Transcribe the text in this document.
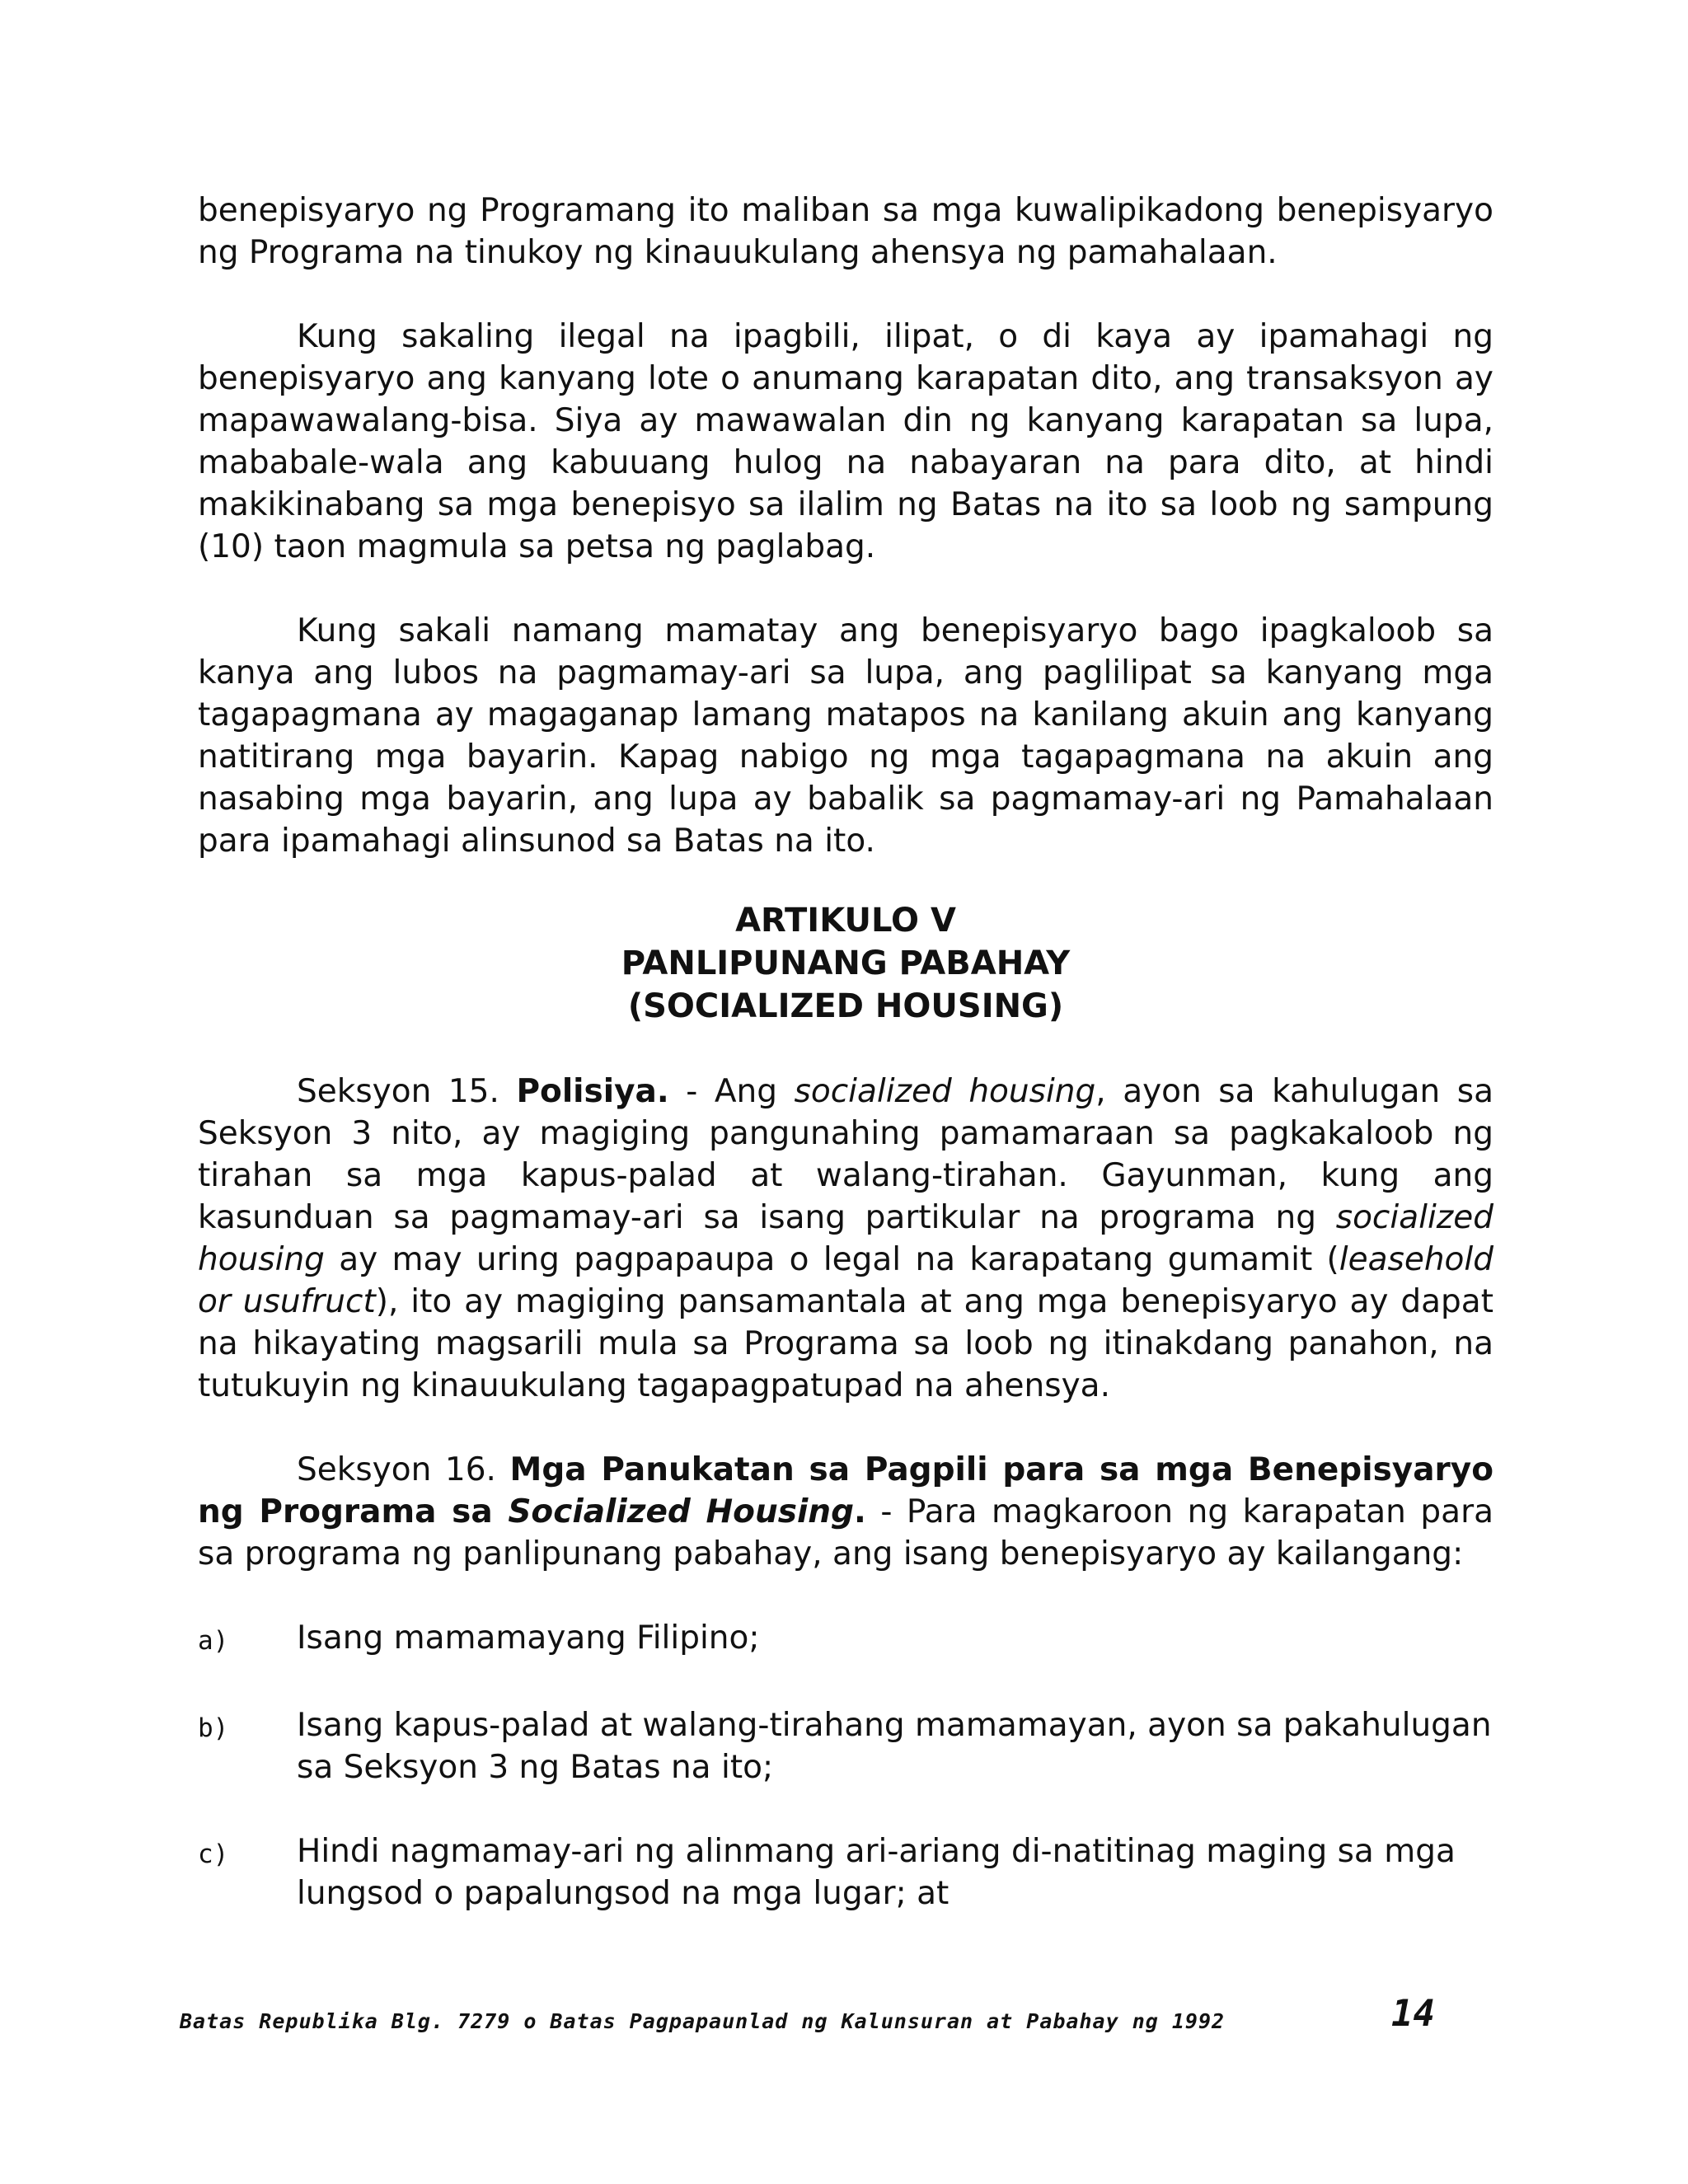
benepisyaryo ng Programang ito maliban sa mga kuwalipikadong benepisyaryo ng Programa na tinukoy ng kinauukulang ahensya ng pamahalaan.

Kung sakaling ilegal na ipagbili, ilipat, o di kaya ay ipamahagi ng benepisyaryo ang kanyang lote o anumang karapatan dito, ang transaksyon ay mapawawalang-bisa. Siya ay mawawalan din ng kanyang karapatan sa lupa, mababale-wala ang kabuuang hulog na nabayaran na para dito, at hindi makikinabang sa mga benepisyo sa ilalim ng Batas na ito sa loob ng sampung (10) taon magmula sa petsa ng paglabag.

Kung sakali namang mamatay ang benepisyaryo bago ipagkaloob sa kanya ang lubos na pagmamay-ari sa lupa, ang paglilipat sa kanyang mga tagapagmana ay magaganap lamang matapos na kanilang akuin ang kanyang natitirang mga bayarin. Kapag nabigo ng mga tagapagmana na akuin ang nasabing mga bayarin, ang lupa ay babalik sa pagmamay-ari ng Pamahalaan para ipamahagi alinsunod sa Batas na ito.

ARTIKULO V

PANLIPUNANG PABAHAY

(SOCIALIZED HOUSING)

Seksyon 15. Polisiya. - Ang socialized housing, ayon sa kahulugan sa Seksyon 3 nito, ay magiging pangunahing pamamaraan sa pagkakaloob ng tirahan sa mga kapus-palad at walang-tirahan. Gayunman, kung ang kasunduan sa pagmamay-ari sa isang partikular na programa ng socialized housing ay may uring pagpapaupa o legal na karapatang gumamit (leasehold or usufruct), ito ay magiging pansamantala at ang mga benepisyaryo ay dapat na hikayating magsarili mula sa Programa sa loob ng itinakdang panahon, na tutukuyin ng kinauukulang tagapagpatupad na ahensya.

Seksyon 16. Mga Panukatan sa Pagpili para sa mga Benepisyaryo ng Programa sa Socialized Housing. - Para magkaroon ng karapatan para sa programa ng panlipunang pabahay, ang isang benepisyaryo ay kailangang:

a)	Isang mamamayang Filipino;
b)	Isang kapus-palad at walang-tirahang mamamayan, ayon sa pakahulugan sa Seksyon 3 ng Batas na ito;
c)	Hindi nagmamay-ari ng alinmang ari-ariang di-natitinag maging sa mga lungsod o papalungsod na mga lugar; at
Batas Republika Blg. 7279 o Batas Pagpapaunlad ng Kalunsuran at Pabahay ng 1992	14
